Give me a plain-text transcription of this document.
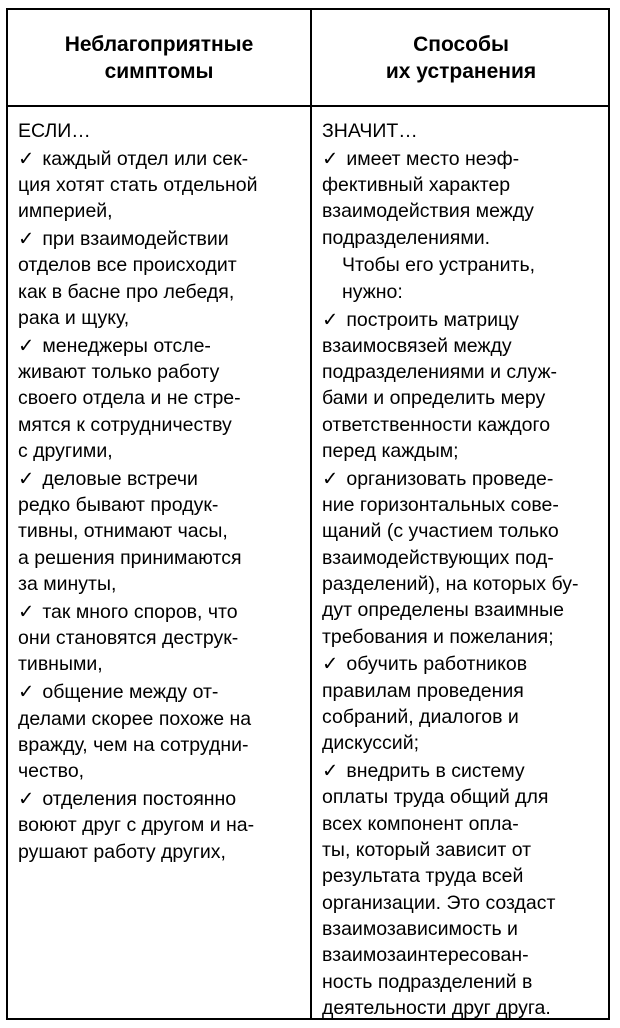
Неблагоприятные
симптомы
Способы
их устранения
ЕСЛИ…
✓ каждый отдел или сек-
ция хотят стать отдельной
империей,
✓ при взаимодействии
отделов все происходит
как в басне про лебедя,
рака и щуку,
✓ менеджеры отсле-
живают только работу
своего отдела и не стре-
мятся к сотрудничеству
с другими,
✓ деловые встречи
редко бывают продук-
тивны, отнимают часы,
а решения принимаются
за минуты,
✓ так много споров, что
они становятся деструк-
тивными,
✓ общение между от-
делами скорее похоже на
вражду, чем на сотрудни-
чество,
✓ отделения постоянно
воюют друг с другом и на-
рушают работу других,
ЗНАЧИТ…
✓ имеет место неэф-
фективный характер
взаимодействия между
подразделениями.
Чтобы его устранить,
нужно:
✓ построить матрицу
взаимосвязей между
подразделениями и служ-
бами и определить меру
ответственности каждого
перед каждым;
✓ организовать проведе-
ние горизонтальных сове-
щаний (с участием только
взаимодействующих под-
разделений), на которых бу-
дут определены взаимные
требования и пожелания;
✓ обучить работников
правилам проведения
собраний, диалогов и
дискуссий;
✓ внедрить в систему
оплаты труда общий для
всех компонент опла-
ты, который зависит от
результата труда всей
организации. Это создаст
взаимозависимость и
взаимозаинтересован-
ность подразделений в
деятельности друг друга.
